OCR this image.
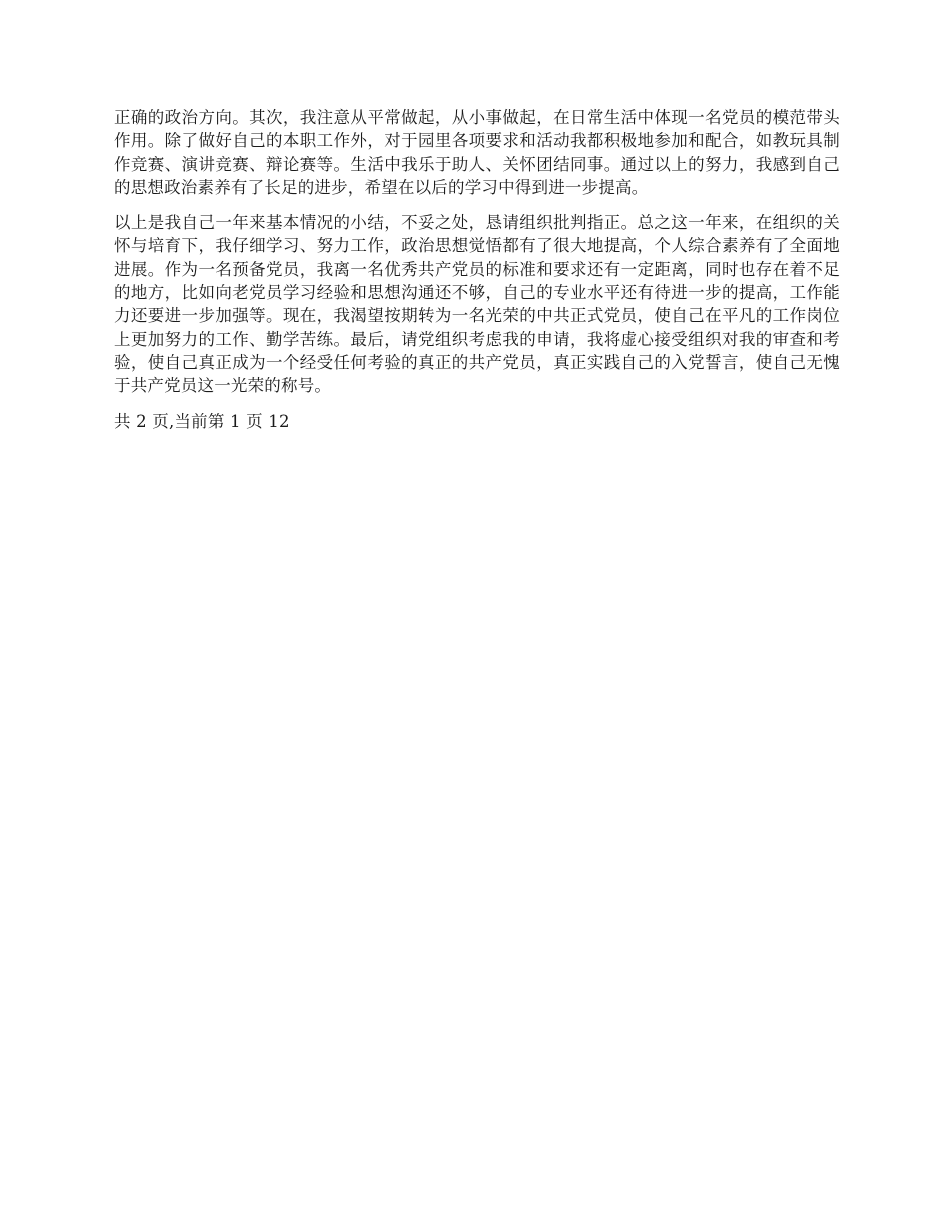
正确的政治方向。其次，我注意从平常做起，从小事做起，在日常生活中体现一名党员的模范带头作用。除了做好自己的本职工作外，对于园里各项要求和活动我都积极地参加和配合，如教玩具制作竞赛、演讲竞赛、辩论赛等。生活中我乐于助人、关怀团结同事。通过以上的努力，我感到自己的思想政治素养有了长足的进步，希望在以后的学习中得到进一步提高。

以上是我自己一年来基本情况的小结，不妥之处，恳请组织批判指正。总之这一年来，在组织的关怀与培育下，我仔细学习、努力工作，政治思想觉悟都有了很大地提高，个人综合素养有了全面地进展。作为一名预备党员，我离一名优秀共产党员的标准和要求还有一定距离，同时也存在着不足的地方，比如向老党员学习经验和思想沟通还不够，自己的专业水平还有待进一步的提高，工作能力还要进一步加强等。现在，我渴望按期转为一名光荣的中共正式党员，使自己在平凡的工作岗位上更加努力的工作、勤学苦练。最后，请党组织考虑我的申请，我将虚心接受组织对我的审查和考验，使自己真正成为一个经受任何考验的真正的共产党员，真正实践自己的入党誓言，使自己无愧于共产党员这一光荣的称号。

共 2 页,当前第 1 页 12
